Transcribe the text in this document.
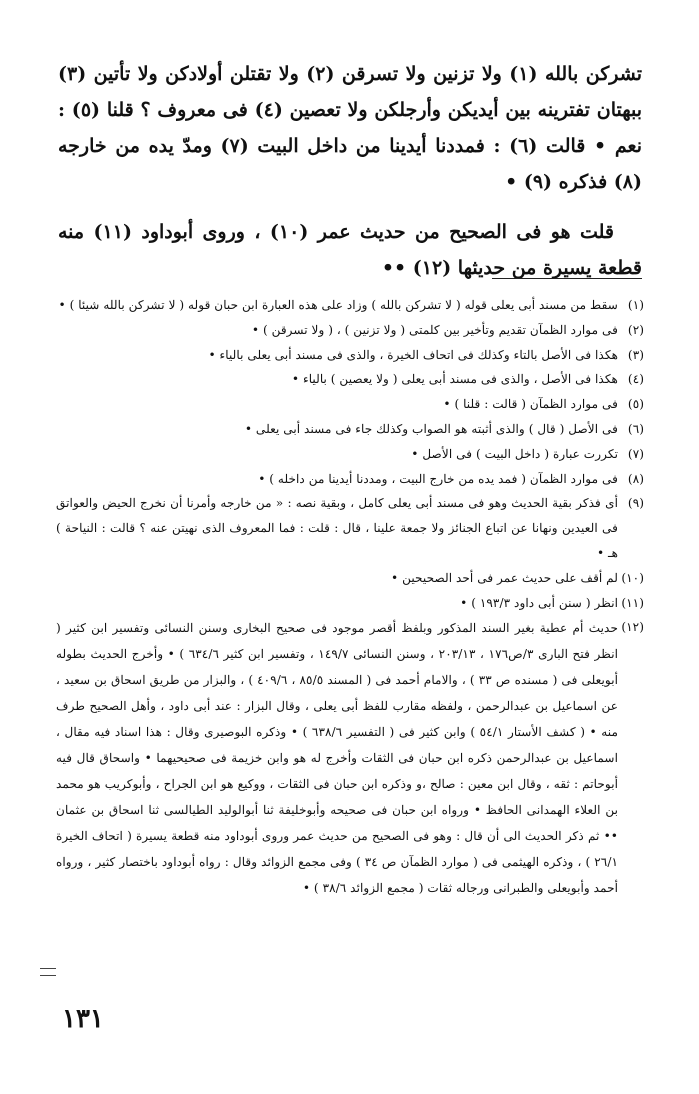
تشركن بالله (١) ولا تزنين ولا تسرقن (٢) ولا تقتلن أولادكن ولا تأتين (٣) ببهتان تفترينه بين أيديكن وأرجلكن ولا تعصين (٤) فى معروف ؟ قلنا (٥) : نعم • قالت (٦) : فمددنا أيدينا من داخل البيت (٧) ومدّ يده من خارجه (٨) فذكره (٩) •

قلت هو فى الصحيح من حديث عمر (١٠) ، وروى أبوداود (١١) منه قطعة يسيرة من حديثها (١٢) ••

(١)
سقط من مسند أبى يعلى قوله ( لا تشركن بالله ) وزاد على هذه العبارة ابن حبان قوله ( لا تشركن بالله شيئا ) •
(٢)
فى موارد الظمآن تقديم وتأخير بين كلمتى ( ولا تزنين ) ، ( ولا تسرقن ) •
(٣)
هكذا فى الأصل بالتاء وكذلك فى اتحاف الخيرة ، والذى فى مسند أبى يعلى بالياء •
(٤)
هكذا فى الأصل ، والذى فى مسند أبى يعلى ( ولا يعصين ) بالياء •
(٥)
فى موارد الظمآن ( قالت : قلنا ) •
(٦)
فى الأصل ( قال ) والذى أثبته هو الصواب وكذلك جاء فى مسند أبى يعلى •
(٧)
تكررت عبارة ( داخل البيت ) فى الأصل •
(٨)
فى موارد الظمآن ( فمد يده من خارج البيت ، ومددنا أيدينا من داخله ) •
(٩)
أى فذكر بقية الحديث وهو فى مسند أبى يعلى كامل ، وبقية نصه : « من خارجه وأمرنا أن نخرج الحيض والعواتق فى العيدين ونهانا عن اتباع الجنائز ولا جمعة علينا ، قال : قلت : فما المعروف الذى نهيتن عنه ؟ قالت : النياحة ) هـ •
(١٠)
لم أقف على حديث عمر فى أحد الصحيحين •
(١١)
انظر ( سنن أبى داود ١٩٣/٣ ) •
(١٢)
حديث أم عطية بغير السند المذكور وبلفظ أقصر موجود فى صحيح البخارى وسنن النسائى وتفسير ابن كثير ( انظر فتح البارى ٣/ص١٧٦ ، ٢٠٣/١٣ ، وسنن النسائى ١٤٩/٧ ، وتفسير ابن كثير ٦٣٤/٦ ) • وأخرج الحديث بطوله أبويعلى فى ( مسنده ص ٣٣ ) ، والامام أحمد فى ( المسند ٨٥/٥ ، ٤٠٩/٦ ) ، والبزار من طريق اسحاق بن سعيد ، عن اسماعيل بن عبدالرحمن ، ولفظه مقارب للفظ أبى يعلى ، وقال البزار : عند أبى داود ، وأهل الصحيح طرف منه • ( كشف الأستار ٥٤/١ ) وابن كثير فى ( التفسير ٦٣٨/٦ ) • وذكره البوصيرى وقال : هذا اسناد فيه مقال ، اسماعيل بن عبدالرحمن ذكره ابن حبان فى الثقات وأخرج له هو وابن خزيمة فى صحيحيهما • واسحاق قال فيه أبوحاتم : ثقه ، وقال ابن معين : صالح ،و وذكره ابن حبان فى الثقات ، ووكيع هو ابن الجراح ، وأبوكريب هو محمد بن العلاء الهمدانى الحافظ • ورواه ابن حبان فى صحيحه وأبوخليفة ثنا أبوالوليد الطيالسى ثنا اسحاق بن عثمان •• ثم ذكر الحديث الى أن قال : وهو فى الصحيح من حديث عمر وروى أبوداود منه قطعة يسيرة ( اتحاف الخيرة ٢٦/١ ) ، وذكره الهيثمى فى ( موارد الظمآن ص ٣٤ ) وفى مجمع الزوائد وقال : رواه أبوداود باختصار كثير ، ورواه أحمد وأبويعلى والطبرانى ورجاله ثقات ( مجمع الزوائد ٣٨/٦ ) •
١٣١
